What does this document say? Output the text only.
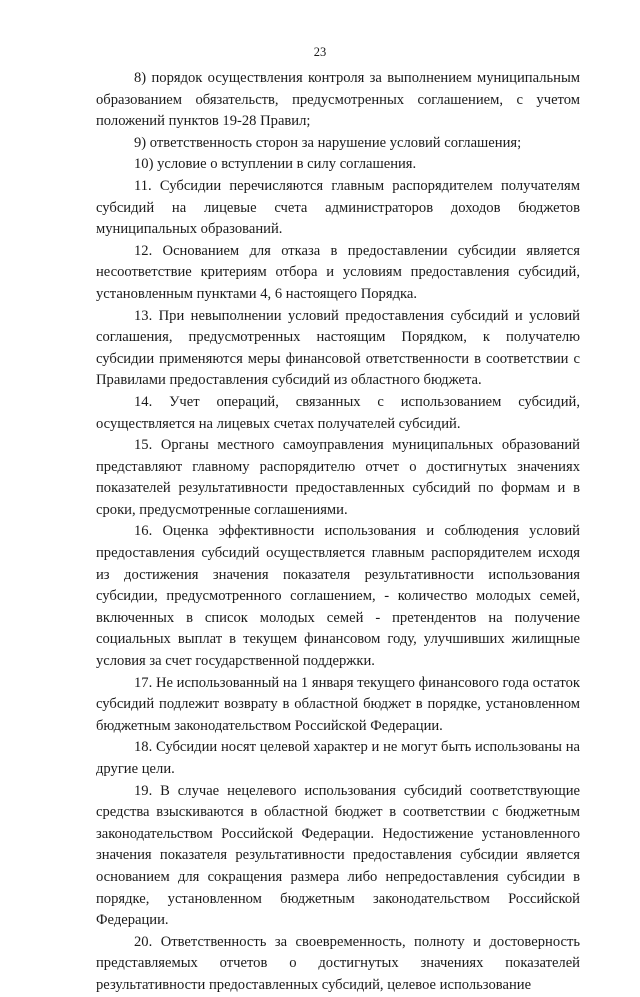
23

8) порядок осуществления контроля за выполнением муниципальным образованием обязательств, предусмотренных соглашением, с учетом положений пунктов 19-28 Правил;

9) ответственность сторон за нарушение условий соглашения;

10) условие о вступлении в силу соглашения.

11. Субсидии перечисляются главным распорядителем получателям субсидий на лицевые счета администраторов доходов бюджетов муниципальных образований.

12. Основанием для отказа в предоставлении субсидии является несоответствие критериям отбора и условиям предоставления субсидий, установленным пунктами 4, 6 настоящего Порядка.

13. При невыполнении условий предоставления субсидий и условий соглашения, предусмотренных настоящим Порядком, к получателю субсидии применяются меры финансовой ответственности в соответствии с Правилами предоставления субсидий из областного бюджета.

14. Учет операций, связанных с использованием субсидий, осуществляется на лицевых счетах получателей субсидий.

15. Органы местного самоуправления муниципальных образований представляют главному распорядителю отчет о достигнутых значениях показателей результативности предоставленных субсидий по формам и в сроки, предусмотренные соглашениями.

16. Оценка эффективности использования и соблюдения условий предоставления субсидий осуществляется главным распорядителем исходя из достижения значения показателя результативности использования субсидии, предусмотренного соглашением, - количество молодых семей, включенных в список молодых семей - претендентов на получение социальных выплат в текущем финансовом году, улучшивших жилищные условия за счет государственной поддержки.

17. Не использованный на 1 января текущего финансового года остаток субсидий подлежит возврату в областной бюджет в порядке, установленном бюджетным законодательством Российской Федерации.

18. Субсидии носят целевой характер и не могут быть использованы на другие цели.

19. В случае нецелевого использования субсидий соответствующие средства взыскиваются в областной бюджет в соответствии с бюджетным законодательством Российской Федерации. Недостижение установленного значения показателя результативности предоставления субсидии является основанием для сокращения размера либо непредоставления субсидии в порядке, установленном бюджетным законодательством Российской Федерации.

20. Ответственность за своевременность, полноту и достоверность представляемых отчетов о достигнутых значениях показателей результативности предоставленных субсидий, целевое использование
